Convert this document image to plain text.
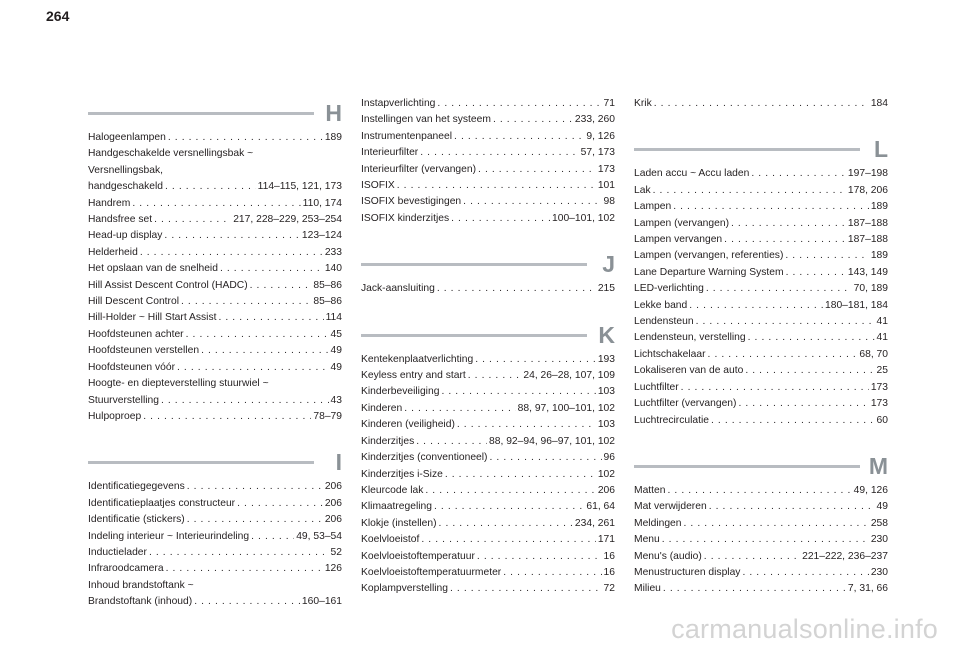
264
H
Halogeenlampen . . .	189
Handgeschakelde versnellingsbak ~
Versnellingsbak,
handgeschakeld . . .	114–115, 121, 173
Handrem . . .	110, 174
Handsfree set . . .	217, 228–229, 253–254
Head-up display . . .	123–124
Helderheid . . .	233
Het opslaan van de snelheid . . .	140
Hill Assist Descent Control (HADC) . . .	85–86
Hill Descent Control . . .	85–86
Hill-Holder ~ Hill Start Assist . . .	114
Hoofdsteunen achter . . .	45
Hoofdsteunen verstellen . . .	49
Hoofdsteunen vóór . . .	49
Hoogte- en diepteverstelling stuurwiel ~
Stuurverstelling . . .	43
Hulpoproep . . .	78–79
I
Identificatiegegevens . . .	206
Identificatieplaatjes constructeur . . .	206
Identificatie (stickers) . . .	206
Indeling interieur ~ Interieurindeling . . .	49, 53–54
Inductielader . . .	52
Infraroodcamera . . .	126
Inhoud brandstoftank ~
Brandstoftank (inhoud) . . .	160–161
Instapverlichting . . .	71
Instellingen van het systeem . . .	233, 260
Instrumentenpaneel . . .	9, 126
Interieurfilter . . .	57, 173
Interieurfilter (vervangen) . . .	173
ISOFIX . . .	101
ISOFIX bevestigingen . . .	98
ISOFIX kinderzitjes . . .	100–101, 102
J
Jack-aansluiting . . .	215
K
Kentekenplaatverlichting . . .	193
Keyless entry and start . . .	24, 26–28, 107, 109
Kinderbeveiliging . . .	103
Kinderen . . .	88, 97, 100–101, 102
Kinderen (veiligheid) . . .	103
Kinderzitjes . . .	88, 92–94, 96–97, 101, 102
Kinderzitjes (conventioneel) . . .	96
Kinderzitjes i-Size . . .	102
Kleurcode lak . . .	206
Klimaatregeling . . .	61, 64
Klokje (instellen) . . .	234, 261
Koelvloeistof . . .	171
Koelvloeistoftemperatuur . . .	16
Koelvloeistoftemperatuurmeter . . .	16
Koplampverstelling . . .	72
Krik . . .	184
L
Laden accu ~ Accu laden . . .	197–198
Lak . . .	178, 206
Lampen . . .	189
Lampen (vervangen) . . .	187–188
Lampen vervangen . . .	187–188
Lampen (vervangen, referenties) . . .	189
Lane Departure Warning System . . .	143, 149
LED-verlichting . . .	70, 189
Lekke band . . .	180–181, 184
Lendensteun . . .	41
Lendensteun, verstelling . . .	41
Lichtschakelaar . . .	68, 70
Lokaliseren van de auto . . .	25
Luchtfilter . . .	173
Luchtfilter (vervangen) . . .	173
Luchtrecirculatie . . .	60
M
Matten . . .	49, 126
Mat verwijderen . . .	49
Meldingen . . .	258
Menu . . .	230
Menu's (audio) . . .	221–222, 236–237
Menustructuren display . . .	230
Milieu . . .	7, 31, 66
carmanualsonline.info
